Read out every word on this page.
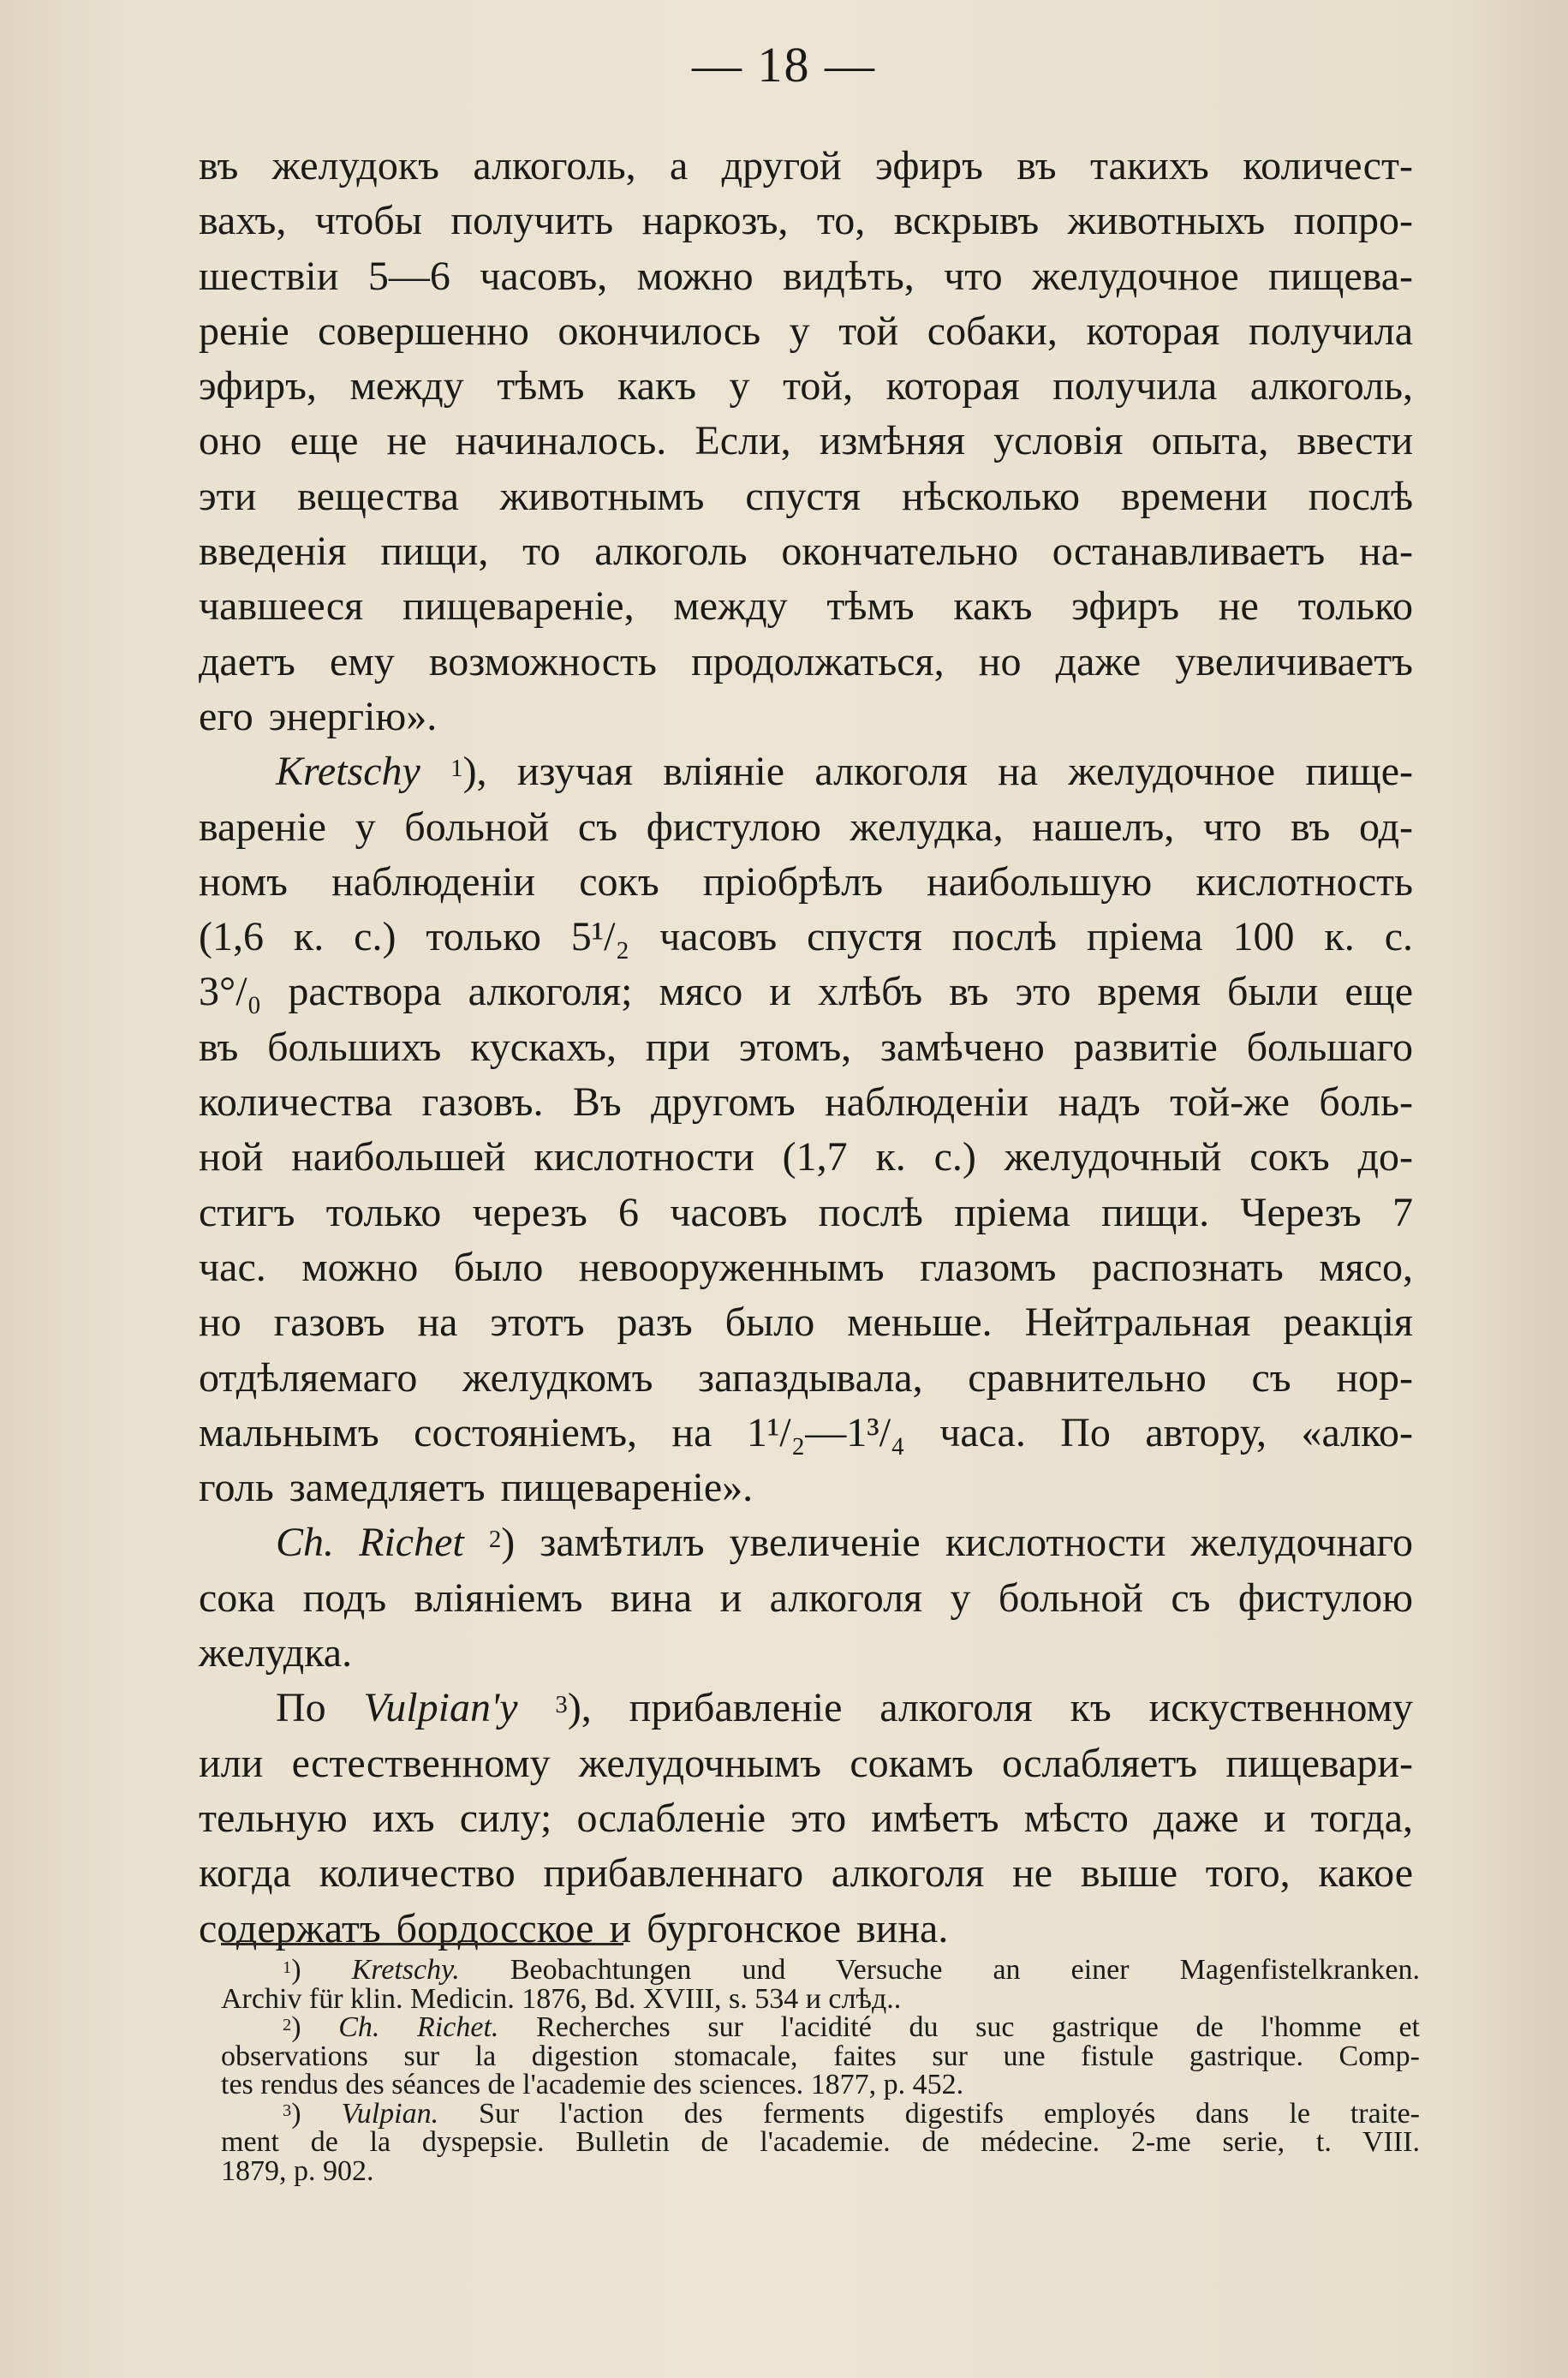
— 18 —
въ желудокъ алкоголь, а другой эфиръ въ такихъ количест-
вахъ, чтобы получить наркозъ, то, вскрывъ животныхъ попро-
шествіи 5—6 часовъ, можно видѣть, что желудочное пищева-
реніе совершенно окончилось у той собаки, которая получила
эфиръ, между тѣмъ какъ у той, которая получила алкоголь,
оно еще не начиналось. Если, измѣняя условія опыта, ввести
эти вещества животнымъ спустя нѣсколько времени послѣ
введенія пищи, то алкоголь окончательно останавливаетъ на-
чавшееся пищевареніе, между тѣмъ какъ эфиръ не только
даетъ ему возможность продолжаться, но даже увеличиваетъ
его энергію».
Kretschy $^1$), изучая вліяніе алкоголя на желудочное пище-
вареніе у больной съ фистулою желудка, нашелъ, что въ од-
номъ наблюденіи сокъ пріобрѣлъ наибольшую кислотность
(1,6 к. с.) только 5¹/₂ часовъ спустя послѣ пріема 100 к. с.
3°/₀ раствора алкоголя; мясо и хлѣбъ въ это время были еще
въ большихъ кускахъ, при этомъ, замѣчено развитіе большаго
количества газовъ. Въ другомъ наблюденіи надъ той-же боль-
ной наибольшей кислотности (1,7 к. с.) желудочный сокъ до-
стигъ только черезъ 6 часовъ послѣ пріема пищи. Черезъ 7
час. можно было невооруженнымъ глазомъ распознать мясо,
но газовъ на этотъ разъ было меньше. Нейтральная реакція
отдѣляемаго желудкомъ запаздывала, сравнительно съ нор-
мальнымъ состояніемъ, на 1¹/₂—1³/₄ часа. По автору, «алко-
голь замедляетъ пищевареніе».
Ch. Richet $^2$) замѣтилъ увеличеніе кислотности желудочнаго
сока подъ вліяніемъ вина и алкоголя у больной съ фистулою
желудка.
По Vulpian'y $^3$), прибавленіе алкоголя къ искуственному
или естественному желудочнымъ сокамъ ослабляетъ пищевари-
тельную ихъ силу; ослабленіе это имѣетъ мѣсто даже и тогда,
когда количество прибавленнаго алкоголя не выше того, какое
содержатъ бордосское и бургонское вина.
$^1$) Kretschy. Beobachtungen und Versuche an einer Magenfistelkranken.
Archiv für klin. Medicin. 1876, Bd. XVIII, s. 534 и слѣд..
$^2$) Ch. Richet. Recherches sur l'acidité du suc gastrique de l'homme et
observations sur la digestion stomacale, faites sur une fistule gastrique. Comp-
tes rendus des séances de l'academie des sciences. 1877, p. 452.
$^3$) Vulpian. Sur l'action des ferments digestifs employés dans le traite-
ment de la dyspepsie. Bulletin de l'academie. de médecine. 2-me serie, t. VIII.
1879, p. 902.
